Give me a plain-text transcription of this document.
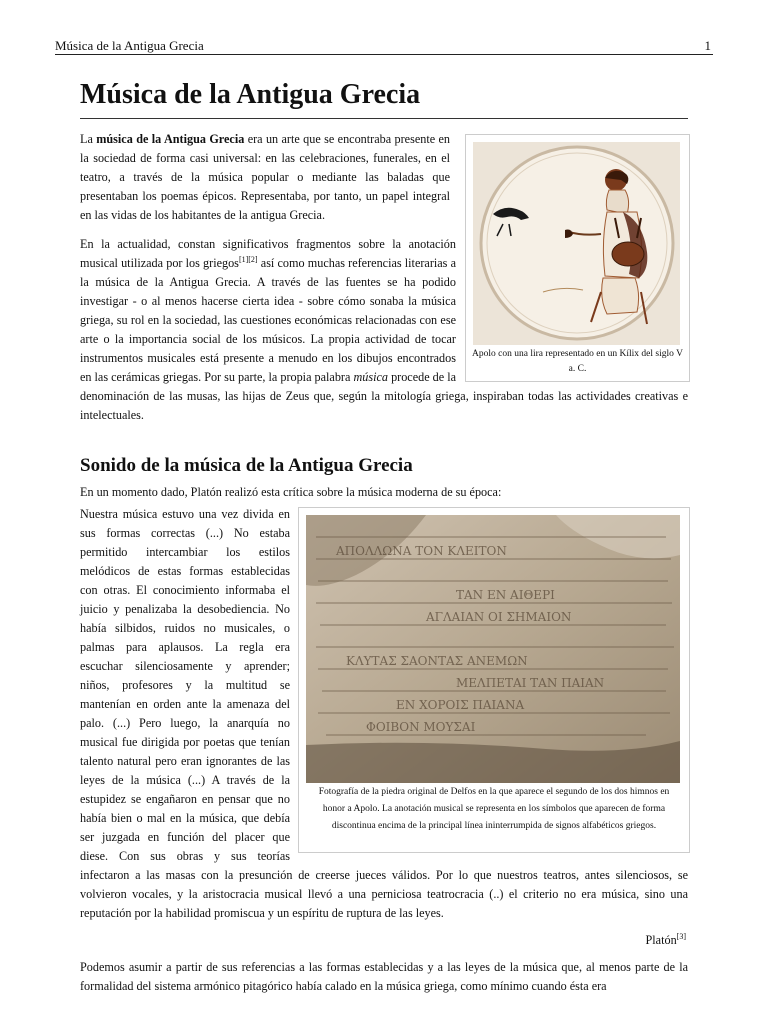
Música de la Antigua Grecia	1
Música de la Antigua Grecia

La música de la Antigua Grecia era un arte que se encontraba presente en la sociedad de forma casi universal: en las celebraciones, funerales, en el teatro, a través de la música popular o mediante las baladas que presentaban los poemas épicos. Representaba, por tanto, un papel integral en las vidas de los habitantes de la antigua Grecia.

En la actualidad, constan significativos fragmentos sobre la anotación musical utilizada por los griegos[1][2] así como muchas referencias literarias a la música de la Antigua Grecia. A través de las fuentes se ha podido investigar - o al menos hacerse cierta idea - sobre cómo sonaba la música griega, su rol en la sociedad, las cuestiones económicas relacionadas con ese arte o la importancia social de los músicos. La propia actividad de tocar instrumentos musicales está presente a menudo en los dibujos encontrados en las cerámicas griegas. Por su parte, la propia palabra música procede de la denominación de las musas, las hijas de Zeus que, según la mitología griega, inspiraban todas las actividades creativas e intelectuales.

Apolo con una lira representado en un Kílix del siglo V a. C.
Sonido de la música de la Antigua Grecia

En un momento dado, Platón realizó esta crítica sobre la música moderna de su época:

Nuestra música estuvo una vez divida en sus formas correctas (...) No estaba permitido intercambiar los estilos melódicos de estas formas establecidas con otras. El conocimiento informaba el juicio y penalizaba la desobediencia. No había silbidos, ruidos no musicales, o palmas para aplausos. La regla era escuchar silenciosamente y aprender; niños, profesores y la multitud se mantenían en orden ante la amenaza del palo. (...) Pero luego, la anarquía no musical fue dirigida por poetas que tenían talento natural pero eran ignorantes de las leyes de la música (...) A través de la estupidez se engañaron en pensar que no había bien o mal en la música, que debía ser juzgada en función del placer que diese. Con sus obras y sus teorías infectaron a las masas con la presunción de creerse jueces válidos. Por lo que nuestros teatros, antes silenciosos, se volvieron vocales, y la aristocracia musical llevó a una perniciosa teatrocracia (..) el criterio no era música, sino una reputación por la habilidad promiscua y un espíritu de ruptura de las leyes.

ΑΠΟΛΛΩΝΑ ΤΟΝ ΚΛΕΙΤΟΝ
ΤΑΝ ΕΝ ΑΙΘΕΡΙ
ΑΓΛΑΙΑΝ ΟΙ ΣΗΜΑΙΟΝ
ΚΛΥΤΑΣ ΣΑΟΝΤΑΣ ΑΝΕΜΩΝ
ΜΕΛΠΕΤΑΙ ΤΑΝ ΠΑΙΑΝ
ΕΝ ΧΟΡΟΙΣ ΠΑΙΑΝΑ
ΦΟΙΒΟΝ ΜΟΥΣΑΙ
Fotografía de la piedra original de Delfos en la que aparece el segundo de los dos himnos en honor a Apolo. La anotación musical se representa en los símbolos que aparecen de forma discontinua encima de la principal línea ininterrumpida de signos alfabéticos griegos.
Platón[3]

Podemos asumir a partir de sus referencias a las formas establecidas y a las leyes de la música que, al menos parte de la formalidad del sistema armónico pitagórico había calado en la música griega, como mínimo cuando ésta era
